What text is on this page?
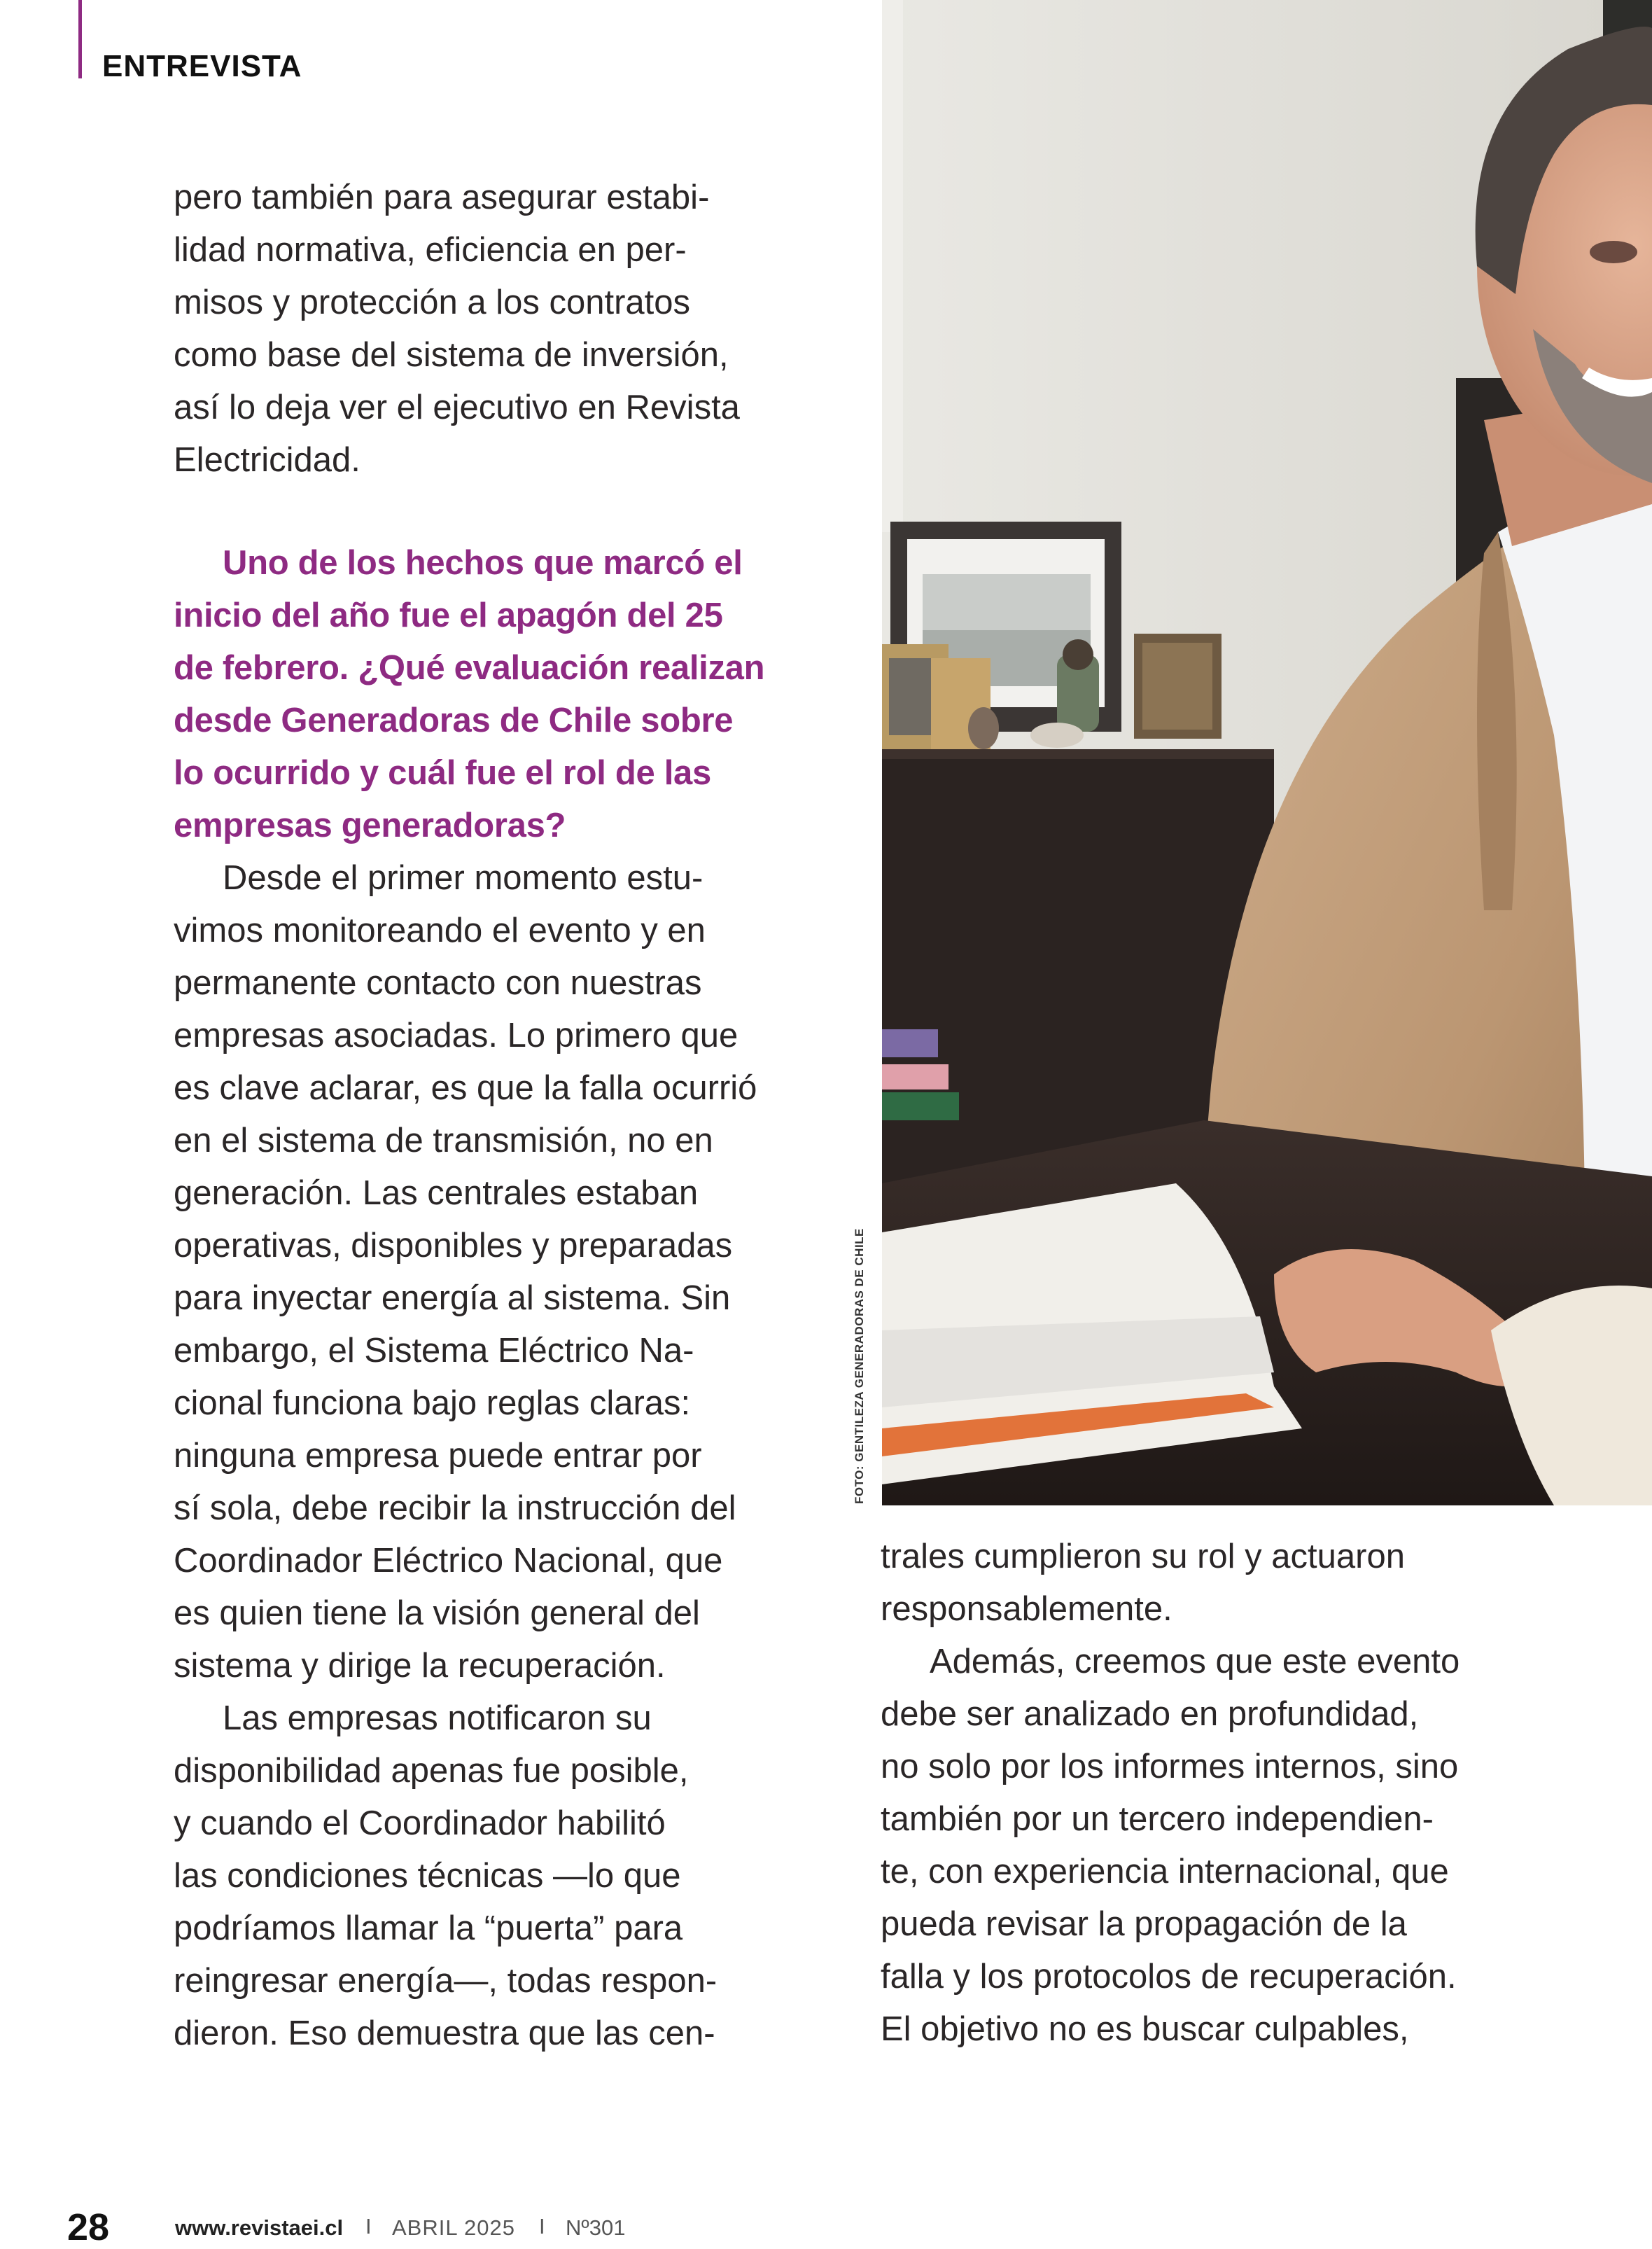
ENTREVISTA
pero también para asegurar estabi-
lidad normativa, eficiencia en per-
misos y protección a los contratos
como base del sistema de inversión,
así lo deja ver el ejecutivo en Revista
Electricidad.
Uno de los hechos que marcó el
inicio del año fue el apagón del 25
de febrero. ¿Qué evaluación realizan
desde Generadoras de Chile sobre
lo ocurrido y cuál fue el rol de las
empresas generadoras?
Desde el primer momento estu-
vimos monitoreando el evento y en
permanente contacto con nuestras
empresas asociadas. Lo primero que
es clave aclarar, es que la falla ocurrió
en el sistema de transmisión, no en
generación. Las centrales estaban
operativas, disponibles y preparadas
para inyectar energía al sistema. Sin
embargo, el Sistema Eléctrico Na-
cional funciona bajo reglas claras:
ninguna empresa puede entrar por
sí sola, debe recibir la instrucción del
Coordinador Eléctrico Nacional, que
es quien tiene la visión general del
sistema y dirige la recuperación.
Las empresas notificaron su
disponibilidad apenas fue posible,
y cuando el Coordinador habilitó
las condiciones técnicas —lo que
podríamos llamar la “puerta” para
reingresar energía—, todas respon-
dieron. Eso demuestra que las cen-
FOTO: GENTILEZA GENERADORAS DE CHILE
trales cumplieron su rol y actuaron
responsablemente.
Además, creemos que este evento
debe ser analizado en profundidad,
no solo por los informes internos, sino
también por un tercero independien-
te, con experiencia internacional, que
pueda revisar la propagación de la
falla y los protocolos de recuperación.
El objetivo no es buscar culpables,
28	www.revistaei.cl I ABRIL 2025 I Nº301
